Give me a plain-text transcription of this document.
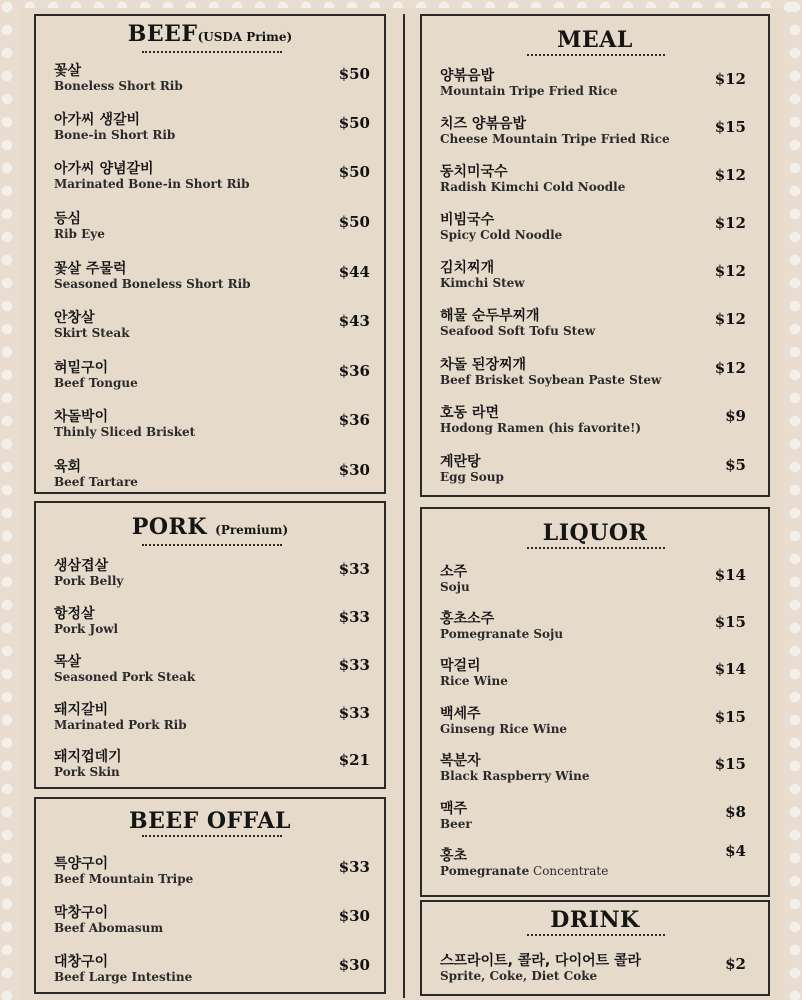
BEEF(USDA Prime)
꽃살
Boneless Short Rib
$50
아가씨 생갈비
Bone-in Short Rib
$50
아가씨 양념갈비
Marinated Bone-in Short Rib
$50
등심
Rib Eye
$50
꽃살 주물럭
Seasoned Boneless Short Rib
$44
안창살
Skirt Steak
$43
혀밑구이
Beef Tongue
$36
차돌박이
Thinly Sliced Brisket
$36
육회
Beef Tartare
$30
PORK (Premium)
생삼겹살
Pork Belly
$33
항정살
Pork Jowl
$33
목살
Seasoned Pork Steak
$33
돼지갈비
Marinated Pork Rib
$33
돼지껍데기
Pork Skin
$21
BEEF OFFAL
특양구이
Beef Mountain Tripe
$33
막창구이
Beef Abomasum
$30
대창구이
Beef Large Intestine
$30
MEAL
양볶음밥
Mountain Tripe Fried Rice
$12
치즈 양볶음밥
Cheese Mountain Tripe Fried Rice
$15
동치미국수
Radish Kimchi Cold Noodle
$12
비빔국수
Spicy Cold Noodle
$12
김치찌개
Kimchi Stew
$12
해물 순두부찌개
Seafood Soft Tofu Stew
$12
차돌 된장찌개
Beef Brisket Soybean Paste Stew
$12
호동 라면
Hodong Ramen (his favorite!)
$9
계란탕
Egg Soup
$5
LIQUOR
소주
Soju
$14
홍초소주
Pomegranate Soju
$15
막걸리
Rice Wine
$14
백세주
Ginseng Rice Wine
$15
복분자
Black Raspberry Wine
$15
맥주
Beer
$8
홍초
Pomegranate Concentrate
$4
DRINK
스프라이트, 콜라, 다이어트 콜라
Sprite, Coke, Diet Coke
$2
